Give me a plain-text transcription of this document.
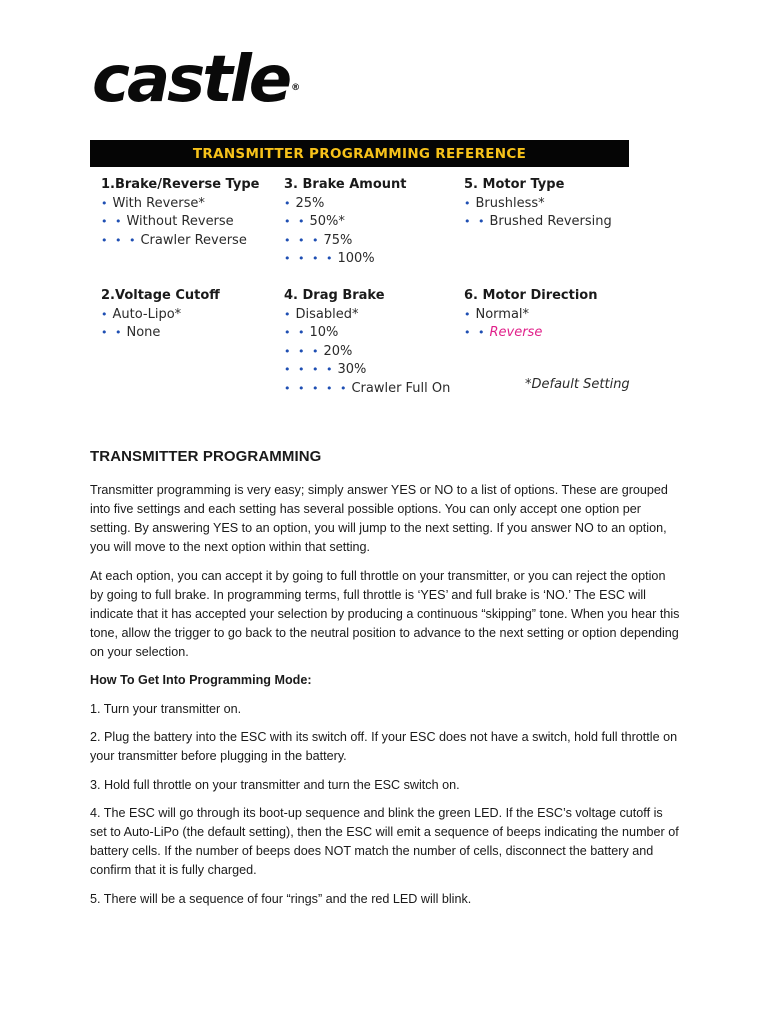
castle ®
TRANSMITTER PROGRAMMING REFERENCE
1.Brake/Reverse Type
• With Reverse*
• • Without Reverse
• • • Crawler Reverse
3. Brake Amount
• 25%
• • 50%*
• • • 75%
• • • • 100%
5. Motor Type
• Brushless*
• • Brushed Reversing
2.Voltage Cutoff
• Auto-Lipo*
• • None
4. Drag Brake
• Disabled*
• • 10%
• • • 20%
• • • • 30%
• • • • • Crawler Full On
6. Motor Direction
• Normal*
• • Reverse
*Default Setting
TRANSMITTER PROGRAMMING

Transmitter programming is very easy; simply answer YES or NO to a list of options. These are grouped into five settings and each setting has several possible options. You can only accept one option per setting. By answering YES to an option, you will jump to the next setting. If you answer NO to an option, you will move to the next option within that setting.

At each option, you can accept it by going to full throttle on your transmitter, or you can reject the option by going to full brake. In programming terms, full throttle is ‘YES’ and full brake is ‘NO.’ The ESC will indicate that it has accepted your selection by producing a continuous “skipping” tone. When you hear this tone, allow the trigger to go back to the neutral position to advance to the next setting or option depending on your selection.

How To Get Into Programming Mode:

1. Turn your transmitter on.

2. Plug the battery into the ESC with its switch off. If your ESC does not have a switch, hold full throttle on your transmitter before plugging in the battery.

3. Hold full throttle on your transmitter and turn the ESC switch on.

4. The ESC will go through its boot-up sequence and blink the green LED. If the ESC’s voltage cutoff is set to Auto-LiPo (the default setting), then the ESC will emit a sequence of beeps indicating the number of battery cells. If the number of beeps does NOT match the number of cells, disconnect the battery and confirm that it is fully charged.

5. There will be a sequence of four “rings” and the red LED will blink.
